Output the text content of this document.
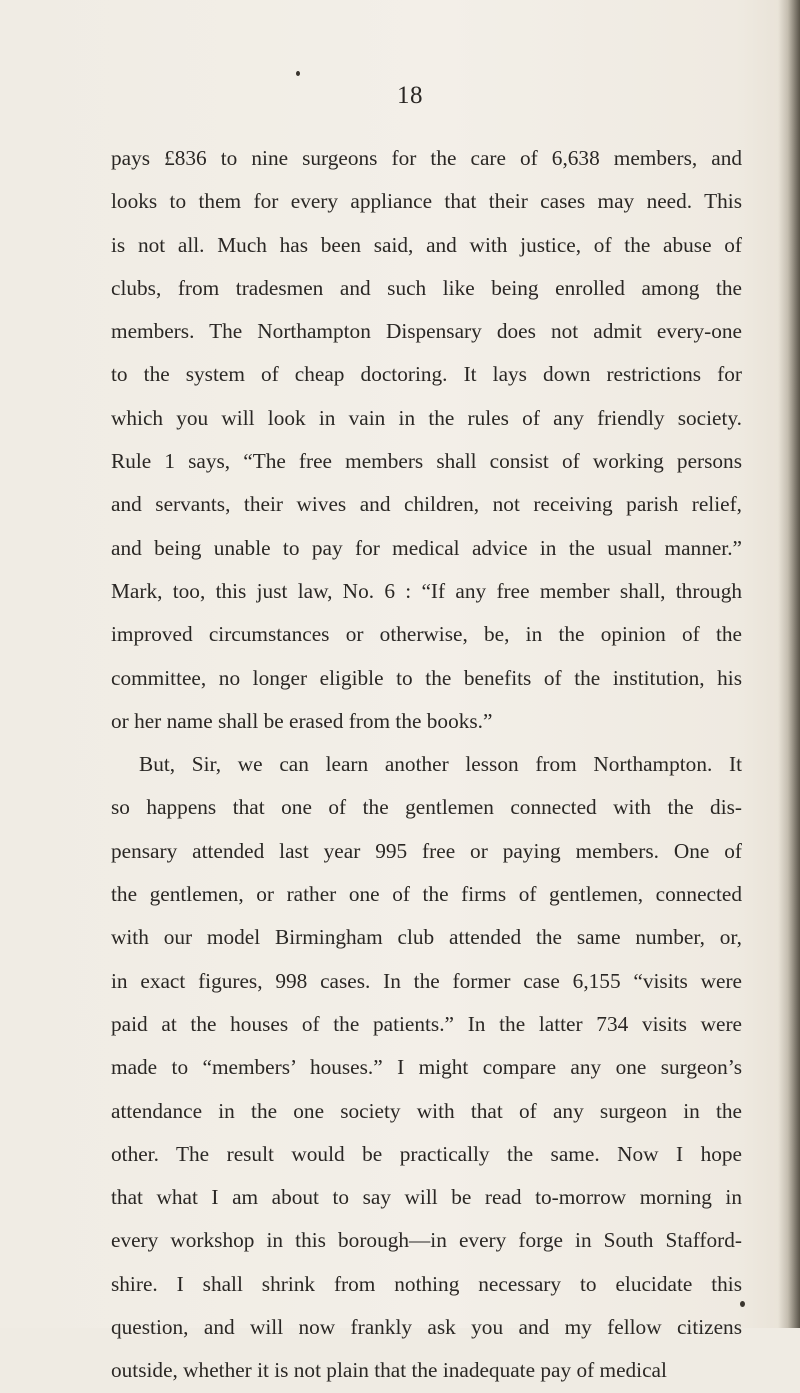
18
pays £836 to nine surgeons for the care of 6,638 members, and
looks to them for every appliance that their cases may need. This
is not all. Much has been said, and with justice, of the abuse of
clubs, from tradesmen and such like being enrolled among the
members. The Northampton Dispensary does not admit every-one
to the system of cheap doctoring. It lays down restrictions for
which you will look in vain in the rules of any friendly society.
Rule 1 says, “The free members shall consist of working persons
and servants, their wives and children, not receiving parish relief,
and being unable to pay for medical advice in the usual manner.”
Mark, too, this just law, No. 6 : “If any free member shall, through
improved circumstances or otherwise, be, in the opinion of the
committee, no longer eligible to the benefits of the institution, his
or her name shall be erased from the books.”
But, Sir, we can learn another lesson from Northampton. It
so happens that one of the gentlemen connected with the dis-
pensary attended last year 995 free or paying members. One of
the gentlemen, or rather one of the firms of gentlemen, connected
with our model Birmingham club attended the same number, or,
in exact figures, 998 cases. In the former case 6,155 “visits were
paid at the houses of the patients.” In the latter 734 visits were
made to “members’ houses.” I might compare any one surgeon’s
attendance in the one society with that of any surgeon in the
other. The result would be practically the same. Now I hope
that what I am about to say will be read to-morrow morning in
every workshop in this borough—in every forge in South Stafford-
shire. I shall shrink from nothing necessary to elucidate this
question, and will now frankly ask you and my fellow citizens
outside, whether it is not plain that the inadequate pay of medical
